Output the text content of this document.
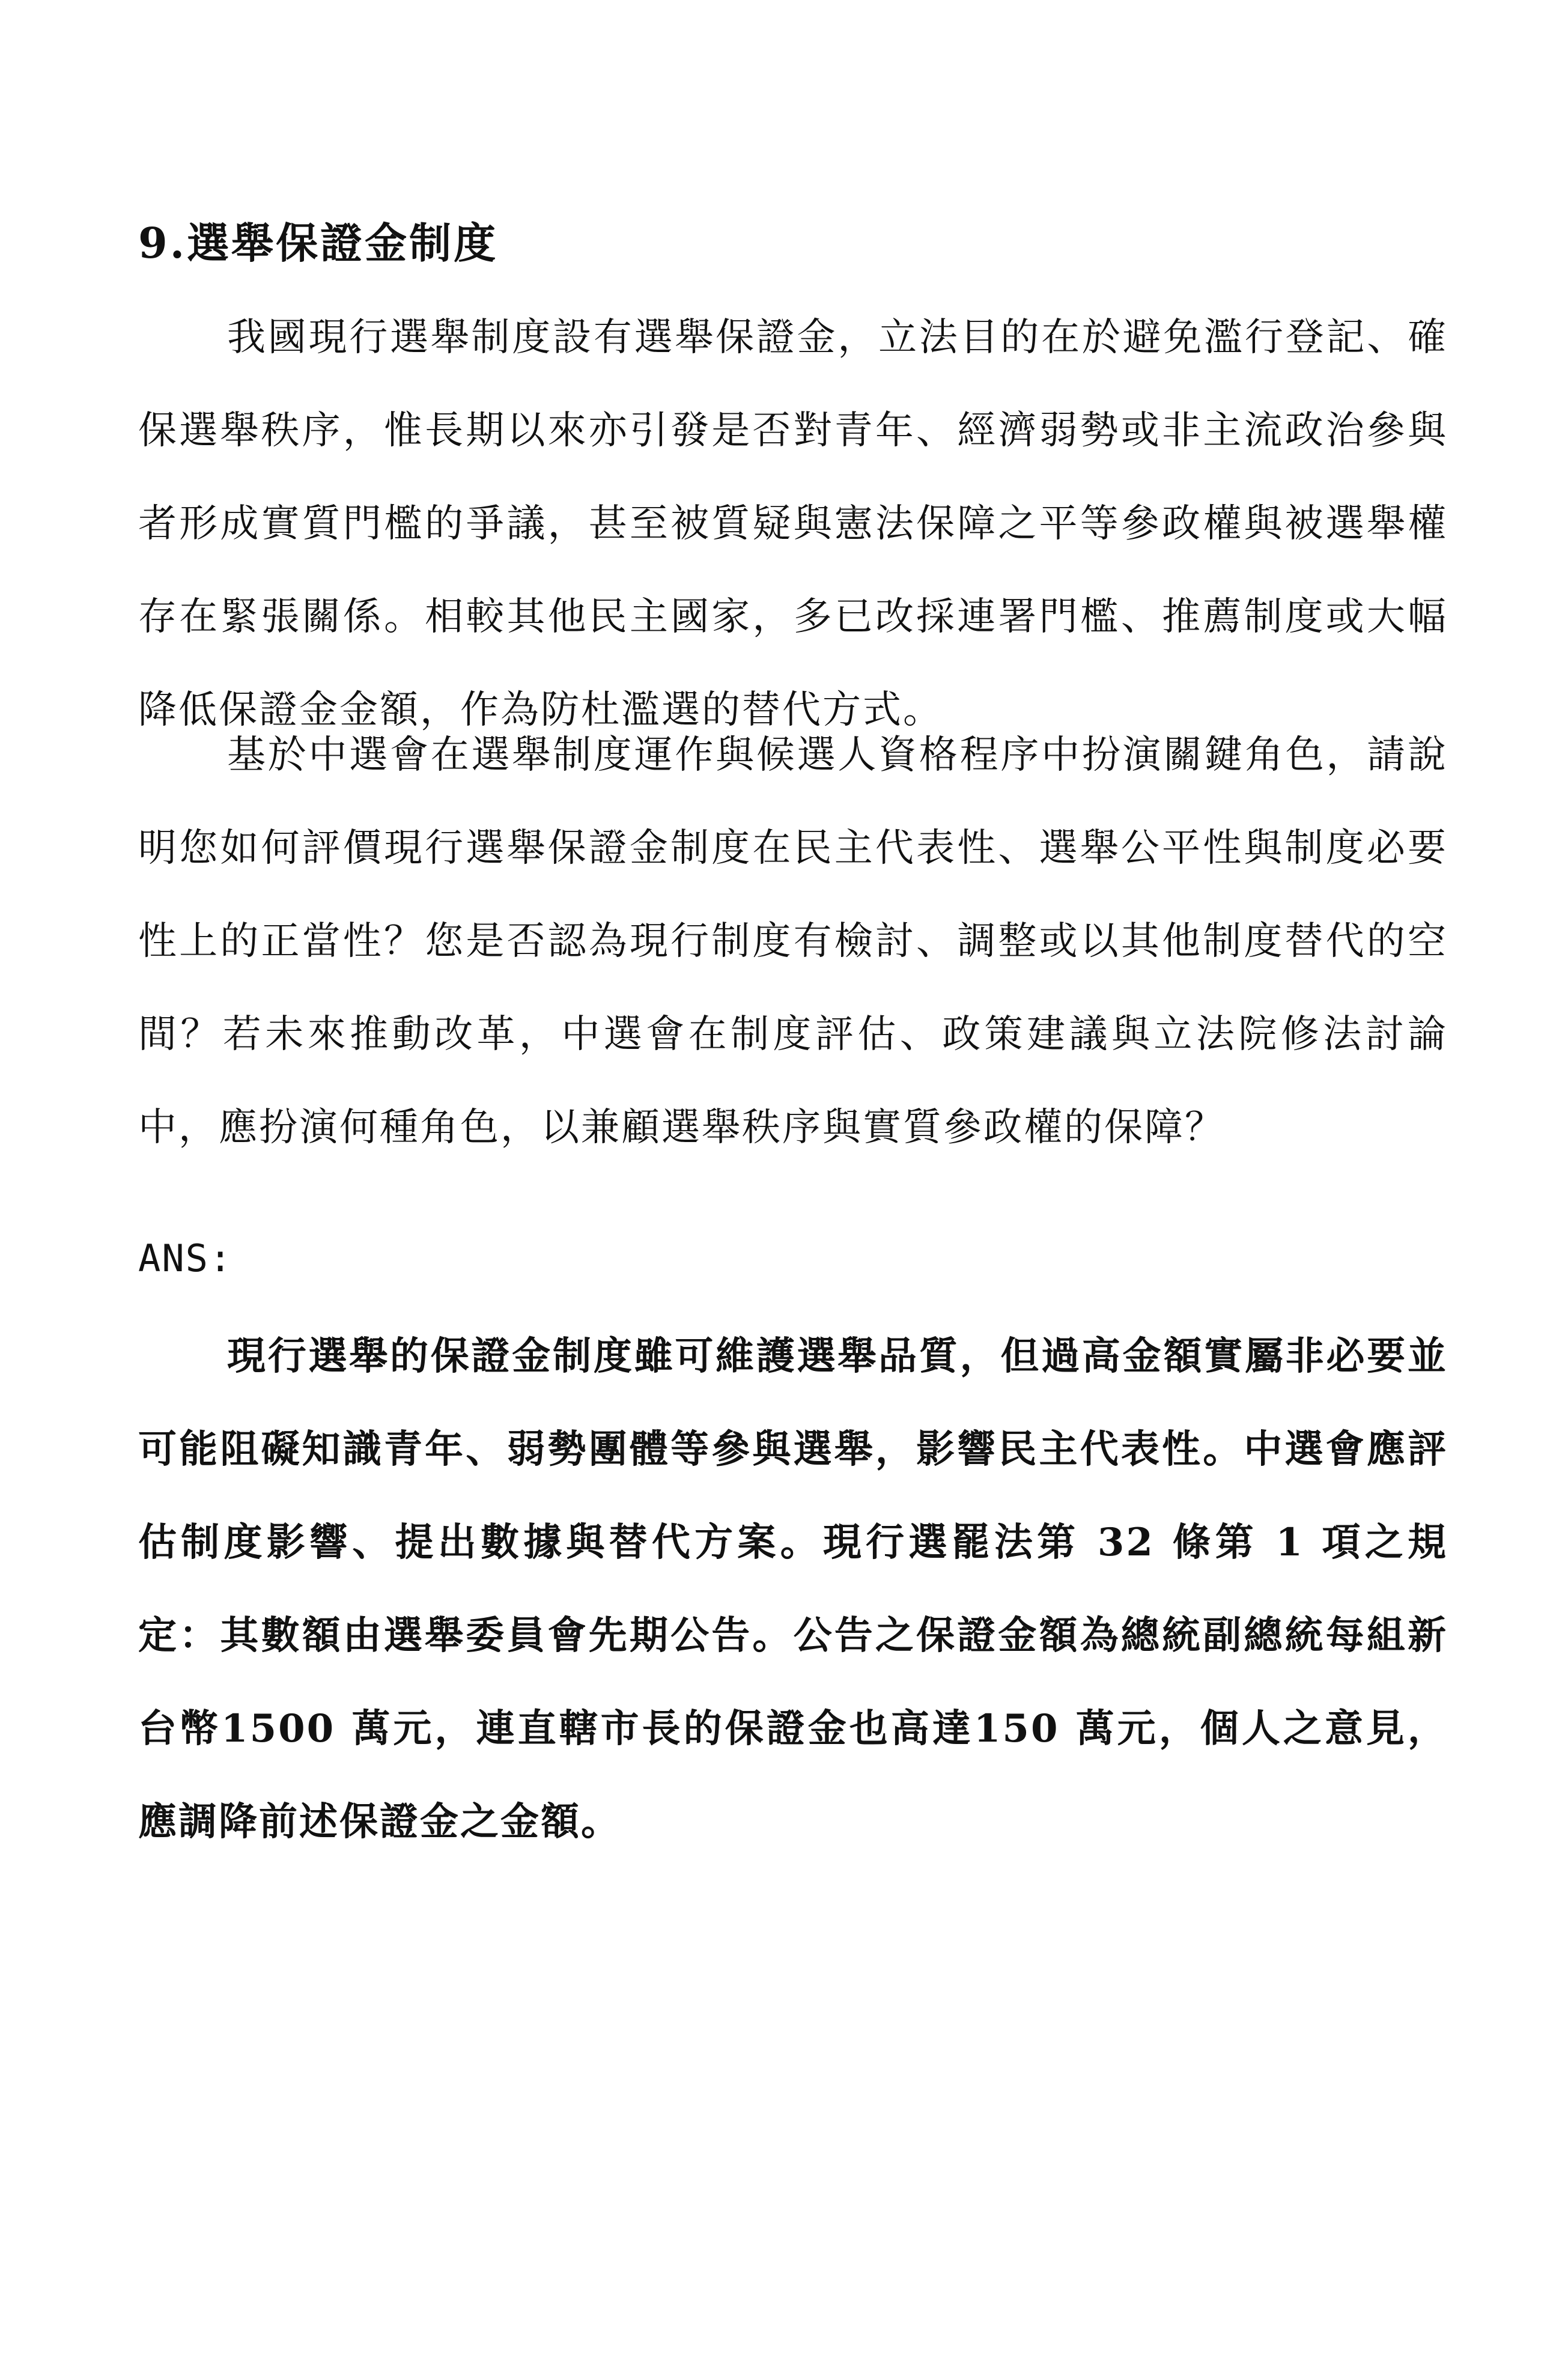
9.選舉保證金制度

我國現行選舉制度設有選舉保證金，立法目的在於避免濫行登記、確保選舉秩序，惟長期以來亦引發是否對青年、經濟弱勢或非主流政治參與者形成實質門檻的爭議，甚至被質疑與憲法保障之平等參政權與被選舉權存在緊張關係。相較其他民主國家，多已改採連署門檻、推薦制度或大幅降低保證金金額，作為防杜濫選的替代方式。

基於中選會在選舉制度運作與候選人資格程序中扮演關鍵角色，請說明您如何評價現行選舉保證金制度在民主代表性、選舉公平性與制度必要性上的正當性？您是否認為現行制度有檢討、調整或以其他制度替代的空間？若未來推動改革，中選會在制度評估、政策建議與立法院修法討論中，應扮演何種角色，以兼顧選舉秩序與實質參政權的保障？

ANS:

現行選舉的保證金制度雖可維護選舉品質，但過高金額實屬非必要並可能阻礙知識青年、弱勢團體等參與選舉，影響民主代表性。中選會應評估制度影響、提出數據與替代方案。現行選罷法第 32 條第 1 項之規定：其數額由選舉委員會先期公告。公告之保證金額為總統副總統每組新台幣1500 萬元，連直轄市長的保證金也高達150 萬元，個人之意見，應調降前述保證金之金額。
